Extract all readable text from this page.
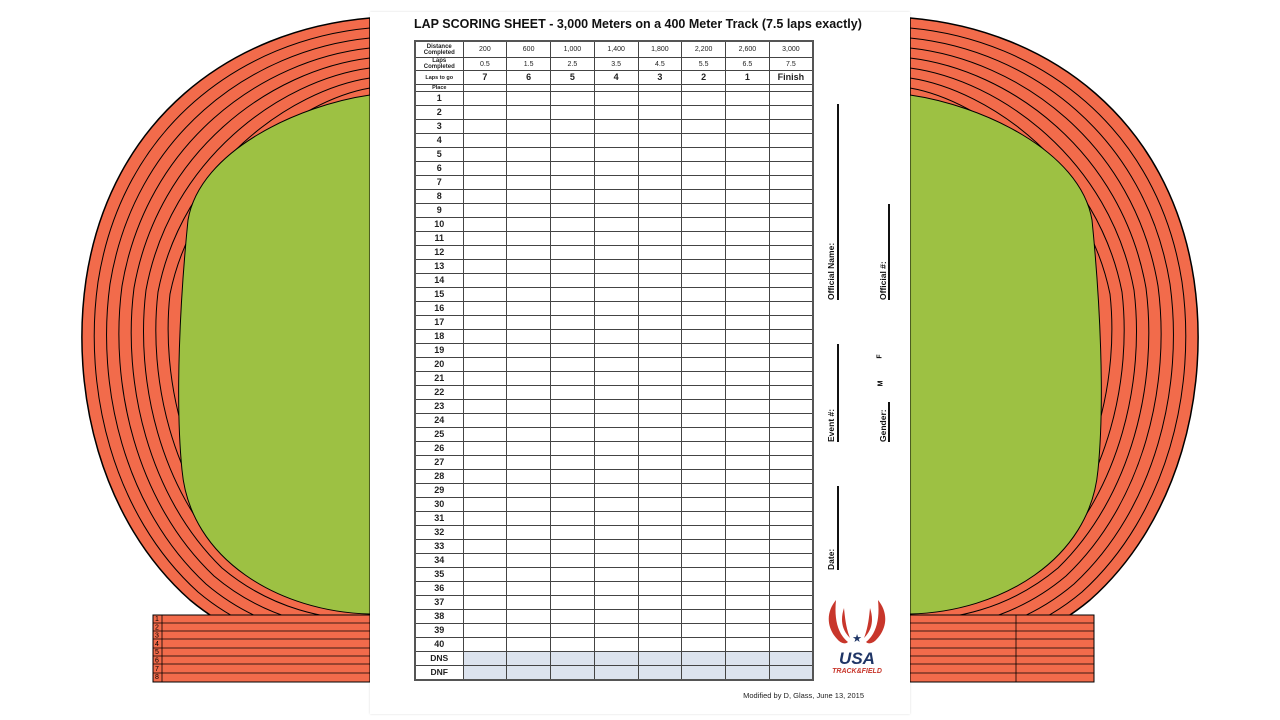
1
2
3
4
5
6
7
8
LAP SCORING SHEET - 3,000 Meters on a 400 Meter Track (7.5 laps exactly)
Distance Completed	200	600	1,000	1,400	1,800	2,200	2,600	3,000
Laps Completed	0.5	1.5	2.5	3.5	4.5	5.5	6.5	7.5
Laps to go	7	6	5	4	3	2	1	Finish
Place								
1								
2								
3								
4								
5								
6								
7								
8								
9								
10								
11								
12								
13								
14								
15								
16								
17								
18								
19								
20								
21								
22								
23								
24								
25								
26								
27								
28								
29								
30								
31								
32								
33								
34								
35								
36								
37								
38								
39								
40								
DNS								
DNF								
Official Name:	Official #:
Event #:	Gender:
M
F
Date:
★
USA
TRACK&FIELD
Modified by D, Glass, June 13, 2015
